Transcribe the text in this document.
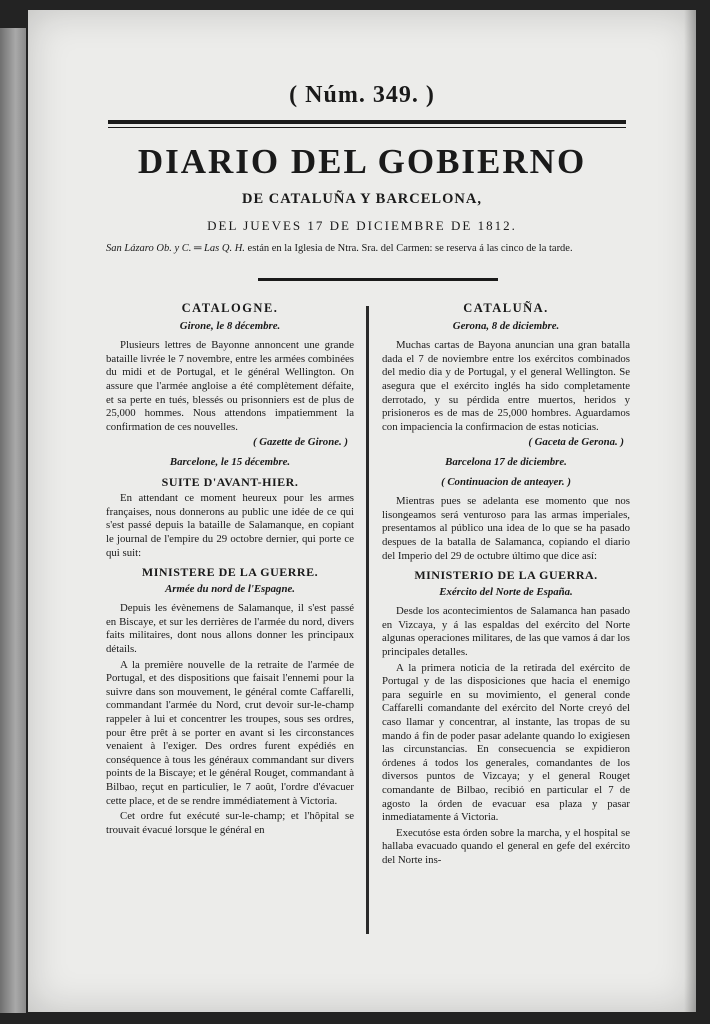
( Núm. 349. )
DIARIO DEL GOBIERNO
DE CATALUÑA Y BARCELONA,
DEL JUEVES 17 DE DICIEMBRE DE 1812.
San Lázaro Ob. y C. ═ Las Q. H. están en la Iglesia de Ntra. Sra. del Carmen: se reserva á las cinco de la tarde.
CATALOGNE.
Girone, le 8 décembre.

Plusieurs lettres de Bayonne annoncent une grande bataille livrée le 7 novembre, entre les armées combinées du midi et de Portugal, et le général Wellington. On assure que l'armée angloise a été complètement défaite, et sa perte en tués, blessés ou prisonniers est de plus de 25,000 hommes. Nous attendons impatiemment la confirmation de ces nouvelles.

( Gazette de Girone. )
Barcelone, le 15 décembre.
SUITE D'AVANT-HIER.

En attendant ce moment heureux pour les armes françaises, nous donnerons au public une idée de ce qui s'est passé depuis la bataille de Salamanque, en copiant le journal de l'empire du 29 octobre dernier, qui porte ce qui suit:

MINISTERE DE LA GUERRE.
Armée du nord de l'Espagne.

Depuis les évènemens de Salamanque, il s'est passé en Biscaye, et sur les derrières de l'armée du nord, divers faits militaires, dont nous allons donner les principaux détails.

A la première nouvelle de la retraite de l'armée de Portugal, et des dispositions que faisait l'ennemi pour la suivre dans son mouvement, le général comte Caffarelli, commandant l'armée du Nord, crut devoir sur-le-champ rappeler à lui et concentrer les troupes, sous ses ordres, pour être prêt à se porter en avant si les circonstances venaient à l'exiger. Des ordres furent expédiés en conséquence à tous les généraux commandant sur divers points de la Biscaye; et le général Rouget, commandant à Bilbao, reçut en particulier, le 7 août, l'ordre d'évacuer cette place, et de se rendre immédiatement à Victoria.

Cet ordre fut exécuté sur-le-champ; et l'hôpital se trouvait évacué lorsque le général en

CATALUÑA.
Gerona, 8 de diciembre.

Muchas cartas de Bayona anuncian una gran batalla dada el 7 de noviembre entre los exércitos combinados del medio dia y de Portugal, y el general Wellington. Se asegura que el exército inglés ha sido completamente derrotado, y su pérdida entre muertos, heridos y prisioneros es de mas de 25,000 hombres. Aguardamos con impaciencia la confirmacion de estas noticias.

( Gaceta de Gerona. )
Barcelona 17 de diciembre.
( Continuacion de anteayer. )

Mientras pues se adelanta ese momento que nos lisongeamos será venturoso para las armas imperiales, presentamos al público una idea de lo que se ha pasado despues de la batalla de Salamanca, copiando el diario del Imperio del 29 de octubre último que dice así:

MINISTERIO DE LA GUERRA.
Exército del Norte de España.

Desde los acontecimientos de Salamanca han pasado en Vizcaya, y á las espaldas del exército del Norte algunas operaciones militares, de las que vamos á dar los principales detalles.

A la primera noticia de la retirada del exército de Portugal y de las disposiciones que hacia el enemigo para seguirle en su movimiento, el general conde Caffarelli comandante del exército del Norte creyó del caso llamar y concentrar, al instante, las tropas de su mando á fin de poder pasar adelante quando lo exigiesen las circunstancias. En consecuencia se expidieron órdenes á todos los generales, comandantes de los diversos puntos de Vizcaya; y el general Rouget comandante de Bilbao, recibió en particular el 7 de agosto la órden de evacuar esa plaza y pasar inmediatamente á Victoria.

Executóse esta órden sobre la marcha, y el hospital se hallaba evacuado quando el general en gefe del exército del Norte ins-
